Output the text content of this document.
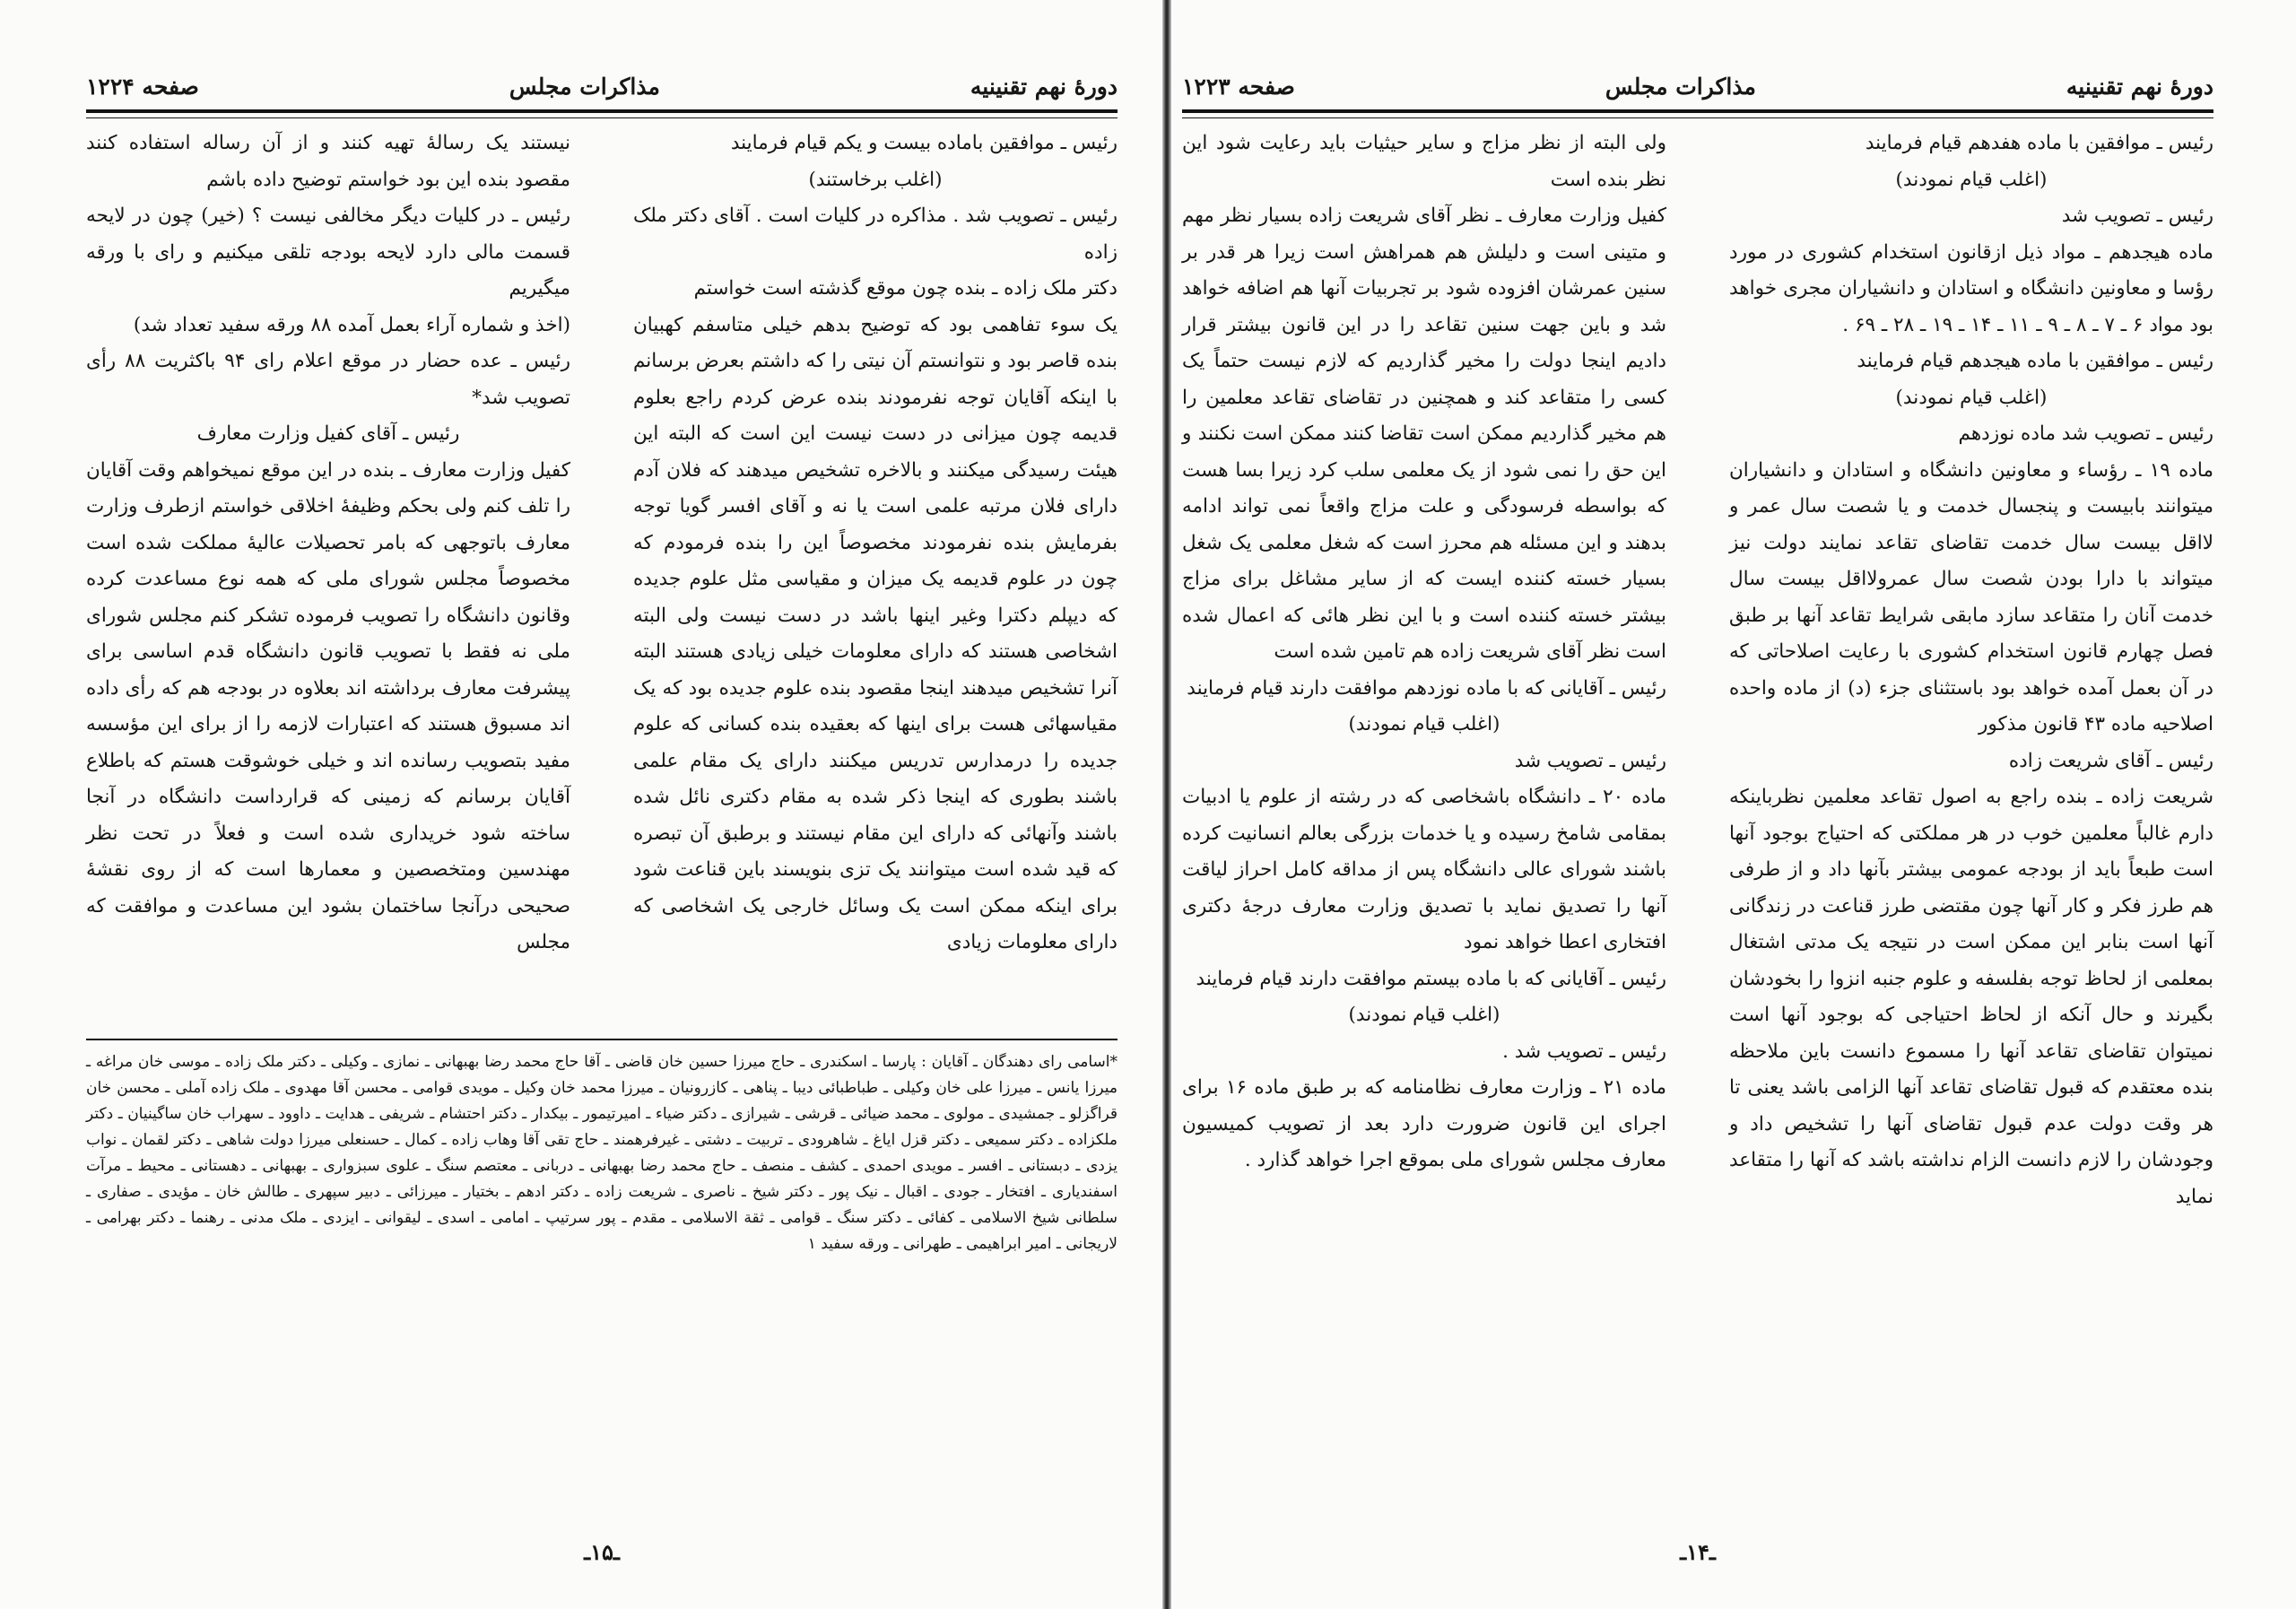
دورهٔ نهم تقنینیه
مذاکرات مجلس
صفحه ۱۲۲۴

رئیس ـ موافقین باماده بیست و یکم قیام فرمایند

(اغلب برخاستند)

رئیس ـ تصویب شد . مذاکره در کلیات است . آقای دکتر ملک زاده

دکتر ملک زاده ـ بنده چون موقع گذشته است خواستم

یک سوء تفاهمی بود که توضیح بدهم خیلی متاسفم کهبیان بنده قاصر بود و نتوانستم آن نیتی را که داشتم بعرض برسانم با اینکه آقایان توجه نفرمودند بنده عرض کردم راجع بعلوم قدیمه چون میزانی در دست نیست این است که البته این هیئت رسیدگی میکنند و بالاخره تشخیص میدهند که فلان آدم دارای فلان مرتبه علمی است یا نه و آقای افسر گویا توجه بفرمایش بنده نفرمودند مخصوصاً این را بنده فرمودم که چون در علوم قدیمه یک میزان و مقیاسی مثل علوم جدیده که دیپلم دکترا وغیر اینها باشد در دست نیست ولی البته اشخاصی هستند که دارای معلومات خیلی زیادی هستند البته آنرا تشخیص میدهند اینجا مقصود بنده علوم جدیده بود که یک مقیاسهائی هست برای اینها که بعقیده بنده کسانی که علوم جدیده را درمدارس تدریس میکنند دارای یک مقام علمی باشند بطوری که اینجا ذکر شده به مقام دکتری نائل شده باشند وآنهائی که دارای این مقام نیستند و برطبق آن تبصره که قید شده است میتوانند یک تزی بنویسند باین قناعت شود برای اینکه ممکن است یک وسائل خارجی یک اشخاصی که دارای معلومات زیادی

نیستند یک رسالهٔ تهیه کنند و از آن رساله استفاده کنند مقصود بنده این بود خواستم توضیح داده باشم

رئیس ـ در کلیات دیگر مخالفی نیست ؟ (خیر) چون در لایحه قسمت مالی دارد لایحه بودجه تلقی میکنیم و رای با ورقه میگیریم

(اخذ و شماره آراء بعمل آمده ۸۸ ورقه سفید تعداد شد)

رئیس ـ عده حضار در موقع اعلام رای ۹۴ باکثریت ۸۸ رأی تصویب شد*

رئیس ـ آقای کفیل وزارت معارف

کفیل وزارت معارف ـ بنده در این موقع نمیخواهم وقت آقایان را تلف کنم ولی بحکم وظیفهٔ اخلاقی خواستم ازطرف وزارت معارف باتوجهی که بامر تحصیلات عالیهٔ مملکت شده است مخصوصاً مجلس شورای ملی که همه نوع مساعدت کرده وقانون دانشگاه را تصویب فرموده تشکر کنم مجلس شورای ملی نه فقط با تصویب قانون دانشگاه قدم اساسی برای پیشرفت معارف برداشته اند بعلاوه در بودجه هم که رأی داده اند مسبوق هستند که اعتبارات لازمه را از برای این مؤسسه مفید بتصویب رسانده اند و خیلی خوشوقت هستم که باطلاع آقایان برسانم که زمینی که قرارداست دانشگاه در آنجا ساخته شود خریداری شده است و فعلاً در تحت نظر مهندسین ومتخصصین و معمارها است که از روی نقشهٔ صحیحی درآنجا ساختمان بشود این مساعدت و موافقت که مجلس

*اسامی رای دهندگان ـ آقایان : پارسا ـ اسکندری ـ حاج میرزا حسین خان قاضی ـ آقا حاج محمد رضا بهبهانی ـ نمازی ـ وکیلی ـ دکتر ملک زاده ـ موسی خان مراغه ـ میرزا یانس ـ میرزا علی خان وکیلی ـ طباطبائی دیبا ـ پناهی ـ کازرونیان ـ میرزا محمد خان وکیل ـ مویدی قوامی ـ محسن آقا مهدوی ـ ملک زاده آملی ـ محسن خان قراگزلو ـ جمشیدی ـ مولوی ـ محمد ضیائی ـ قرشی ـ شیرازی ـ دکتر ضیاء ـ امیرتیمور ـ بیکدار ـ دکتر احتشام ـ شریفی ـ هدایت ـ داوود ـ سهراب خان ساگینیان ـ دکتر ملکزاده ـ دکتر سمیعی ـ دکتر قزل ایاغ ـ شاهرودی ـ تربیت ـ دشتی ـ غیرفرهمند ـ حاج تقی آقا وهاب زاده ـ کمال ـ حسنعلی میرزا دولت شاهی ـ دکتر لقمان ـ نواب یزدی ـ دبستانی ـ افسر ـ مویدی احمدی ـ کشف ـ منصف ـ حاج محمد رضا بهبهانی ـ دربانی ـ معتصم سنگ ـ علوی سبزواری ـ بهبهانی ـ دهستانی ـ محیط ـ مرآت اسفندیاری ـ افتخار ـ جودی ـ اقبال ـ نیک پور ـ دکتر شیخ ـ ناصری ـ شریعت زاده ـ دکتر ادهم ـ بختیار ـ میرزائی ـ دبیر سپهری ـ طالش خان ـ مؤیدی ـ صفاری ـ سلطانی شیخ الاسلامی ـ کفائی ـ دکتر سنگ ـ قوامی ـ ثقة الاسلامی ـ مقدم ـ پور سرتیپ ـ امامی ـ اسدی ـ لیقوانی ـ ایزدی ـ ملک مدنی ـ رهنما ـ دکتر بهرامی ـ لاریجانی ـ امیر ابراهیمی ـ طهرانی ـ ورقه سفید ۱
ـ۱۵ـ
دورهٔ نهم تقنینیه
مذاکرات مجلس
صفحه ۱۲۲۳

رئیس ـ موافقین با ماده هفدهم قیام فرمایند

(اغلب قیام نمودند)

رئیس ـ تصویب شد

ماده هیجدهم ـ مواد ذیل ازقانون استخدام کشوری در مورد رؤسا و معاونین دانشگاه و استادان و دانشیاران مجری خواهد بود مواد ۶ ـ ۷ ـ ۸ ـ ۹ ـ ۱۱ ـ ۱۴ ـ ۱۹ ـ ۲۸ ـ ۶۹ .

رئیس ـ موافقین با ماده هیجدهم قیام فرمایند

(اغلب قیام نمودند)

رئیس ـ تصویب شد ماده نوزدهم

ماده ۱۹ ـ رؤساء و معاونین دانشگاه و استادان و دانشیاران میتوانند بابیست و پنجسال خدمت و یا شصت سال عمر و لااقل بیست سال خدمت تقاضای تقاعد نمایند دولت نیز میتواند با دارا بودن شصت سال عمرولااقل بیست سال خدمت آنان را متقاعد سازد مابقی شرایط تقاعد آنها بر طبق فصل چهارم قانون استخدام کشوری با رعایت اصلاحاتی که در آن بعمل آمده خواهد بود باستثنای جزء (د) از ماده واحده اصلاحیه ماده ۴۳ قانون مذکور

رئیس ـ آقای شریعت زاده

شریعت زاده ـ بنده راجع به اصول تقاعد معلمین نظرباینکه دارم غالباً معلمین خوب در هر مملکتی که احتیاج بوجود آنها است طبعاً باید از بودجه عمومی بیشتر بآنها داد و از طرفی هم طرز فکر و کار آنها چون مقتضی طرز قناعت در زندگانی آنها است بنابر این ممکن است در نتیجه یک مدتی اشتغال بمعلمی از لحاظ توجه بفلسفه و علوم جنبه انزوا را بخودشان بگیرند و حال آنکه از لحاظ احتیاجی که بوجود آنها است نمیتوان تقاضای تقاعد آنها را مسموع دانست باین ملاحظه بنده معتقدم که قبول تقاضای تقاعد آنها الزامی باشد یعنی تا هر وقت دولت عدم قبول تقاضای آنها را تشخیص داد و وجودشان را لازم دانست الزام نداشته باشد که آنها را متقاعد نماید

ولی البته از نظر مزاج و سایر حیثیات باید رعایت شود این نظر بنده است

کفیل وزارت معارف ـ نظر آقای شریعت زاده بسیار نظر مهم و متینی است و دلیلش هم همراهش است زیرا هر قدر بر سنین عمرشان افزوده شود بر تجربیات آنها هم اضافه خواهد شد و باین جهت سنین تقاعد را در این قانون بیشتر قرار دادیم اینجا دولت را مخیر گذاردیم که لازم نیست حتماً یک کسی را متقاعد کند و همچنین در تقاضای تقاعد معلمین را هم مخیر گذاردیم ممکن است تقاضا کنند ممکن است نکنند و این حق را نمی شود از یک معلمی سلب کرد زیرا بسا هست که بواسطه فرسودگی و علت مزاج واقعاً نمی تواند ادامه بدهند و این مسئله هم محرز است که شغل معلمی یک شغل بسیار خسته کننده ایست که از سایر مشاغل برای مزاج بیشتر خسته کننده است و با این نظر هائی که اعمال شده است نظر آقای شریعت زاده هم تامین شده است

رئیس ـ آقایانی که با ماده نوزدهم موافقت دارند قیام فرمایند

(اغلب قیام نمودند)

رئیس ـ تصویب شد

ماده ۲۰ ـ دانشگاه باشخاصی که در رشته از علوم یا ادبیات بمقامی شامخ رسیده و یا خدمات بزرگی بعالم انسانیت کرده باشند شورای عالی دانشگاه پس از مداقه کامل احراز لیاقت آنها را تصدیق نماید با تصدیق وزارت معارف درجهٔ دکتری افتخاری اعطا خواهد نمود

رئیس ـ آقایانی که با ماده بیستم موافقت دارند قیام فرمایند

(اغلب قیام نمودند)

رئیس ـ تصویب شد .

ماده ۲۱ ـ وزارت معارف نظامنامه که بر طبق ماده ۱۶ برای اجرای این قانون ضرورت دارد بعد از تصویب کمیسیون معارف مجلس شورای ملی بموقع اجرا خواهد گذارد .

ـ۱۴ـ
